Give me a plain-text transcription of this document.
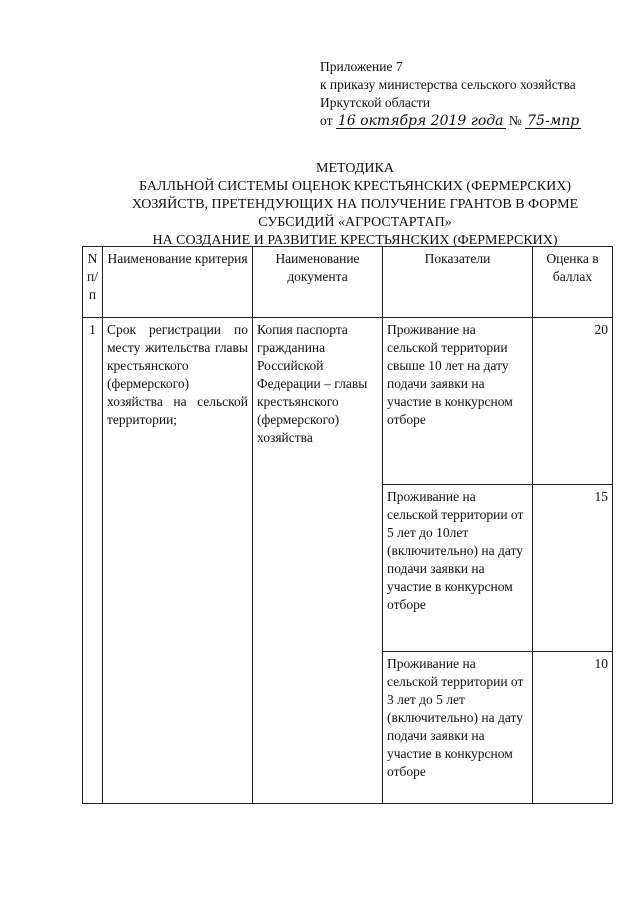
Приложение 7
к приказу министерства сельского хозяйства
Иркутской области
от 16 октября 2019 года № 75-мпр
МЕТОДИКА
БАЛЛЬНОЙ СИСТЕМЫ ОЦЕНОК КРЕСТЬЯНСКИХ (ФЕРМЕРСКИХ)
ХОЗЯЙСТВ, ПРЕТЕНДУЮЩИХ НА ПОЛУЧЕНИЕ ГРАНТОВ В ФОРМЕ
СУБСИДИЙ «АГРОСТАРТАП»
НА СОЗДАНИЕ И РАЗВИТИЕ КРЕСТЬЯНСКИХ (ФЕРМЕРСКИХ)
N п/ п	Наименование критерия	Наименование документа	Показатели	Оценка в баллах
1	Срок регистрации по месту жительства главы крестьянского (фермерского) хозяйства на сельской территории;	Копия паспорта гражданина Российской Федерации – главы крестьянского (фермерского) хозяйства	Проживание на сельской территории свыше 10 лет на дату подачи заявки на участие в конкурсном отборе	20
			Проживание на сельской территории от 5 лет до 10лет (включительно) на дату подачи заявки на участие в конкурсном отборе	15
			Проживание на сельской территории от 3 лет до 5 лет (включительно) на дату подачи заявки на участие в конкурсном отборе	10
